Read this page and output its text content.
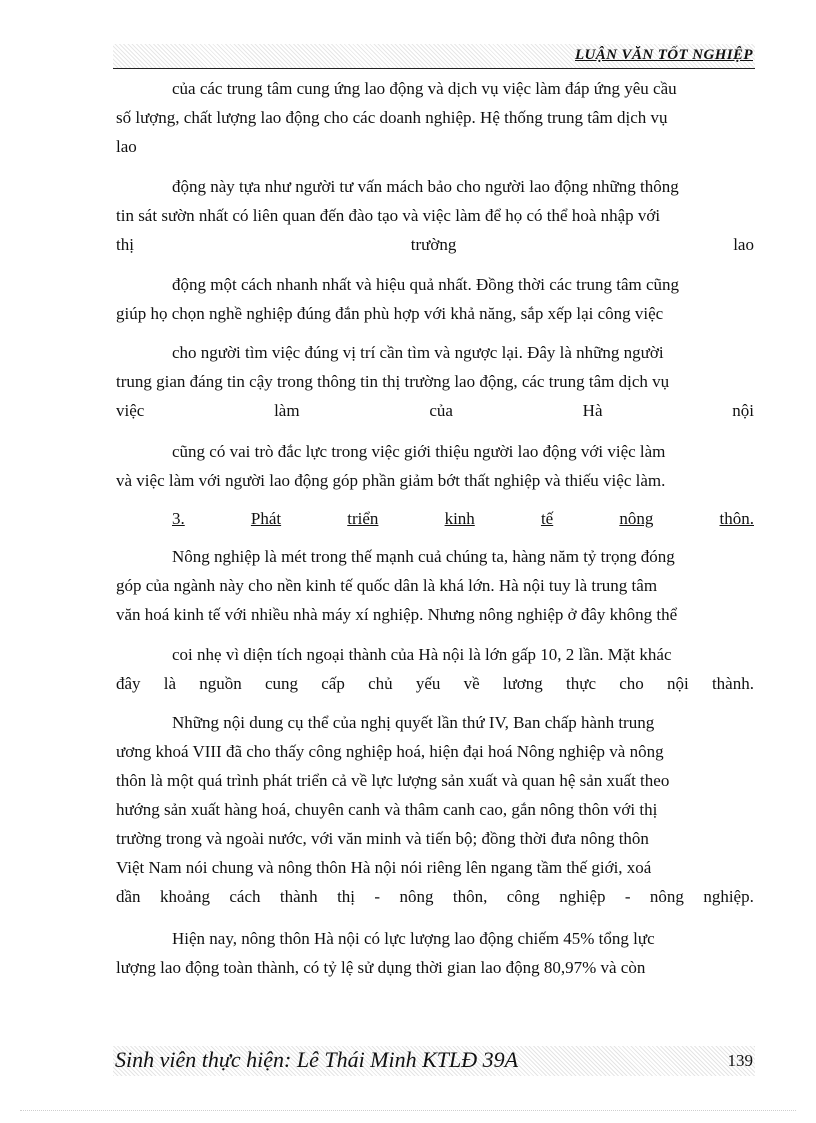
LUẬN VĂN TỐT NGHIỆP
của các trung tâm cung ứng lao động và dịch vụ việc làm đáp ứng yêu cầu
số lượng, chất lượng lao động cho các doanh nghiệp. Hệ thống trung tâm dịch vụ
lao
động này tựa như người tư vấn mách bảo cho người lao động những thông
tin sát sườn nhất có liên quan đến đào tạo và việc làm để họ có thể hoà nhập với
thị	trường	lao
động một cách nhanh nhất và hiệu quả nhất. Đồng thời các trung tâm cũng
giúp họ chọn nghề nghiệp đúng đắn phù hợp với khả năng, sắp xếp lại công việc
cho người tìm việc đúng vị trí cần tìm và ngược lại. Đây là những người
trung gian đáng tin cậy trong thông tin thị trường lao động, các trung tâm dịch vụ
việc	làm	của	Hà	nội
cũng có vai trò đắc lực trong việc giới thiệu người lao động với việc làm
và việc làm với người lao động góp phần giảm bớt thất nghiệp và thiếu việc làm.
3.	Phát	triển	kinh	tế	nông	thôn.
Nông nghiệp là mét trong thế mạnh cuả chúng ta, hàng năm tỷ trọng đóng
góp của ngành này cho nền kinh tế quốc dân là khá lớn. Hà nội tuy là trung tâm
văn hoá kinh tế với nhiều nhà máy xí nghiệp. Nhưng nông nghiệp ở đây không thể
coi nhẹ vì diện tích ngoại thành của Hà nội là lớn gấp 10, 2 lần. Mặt khác
đây là nguồn cung cấp chủ yếu về lương thực cho nội thành.
Những nội dung cụ thể của nghị quyết lần thứ IV, Ban chấp hành trung
ương khoá VIII đã cho thấy công nghiệp hoá, hiện đại hoá Nông nghiệp và nông
thôn là một quá trình phát triển cả về lực lượng sản xuất và quan hệ sản xuất theo
hướng sản xuất hàng hoá, chuyên canh và thâm canh cao, gắn nông thôn với thị
trường trong và ngoài nước, với văn minh và tiến bộ; đồng thời đưa nông thôn
Việt Nam nói chung và nông thôn Hà nội nói riêng lên ngang tầm thế giới, xoá
dần khoảng cách thành thị - nông thôn, công nghiệp - nông nghiệp.
Hiện nay, nông thôn Hà nội có lực lượng lao động chiếm 45% tổng lực
lượng lao động toàn thành, có tỷ lệ sử dụng thời gian lao động 80,97% và còn
Sinh viên thực hiện: Lê Thái Minh KTLĐ 39A	139
